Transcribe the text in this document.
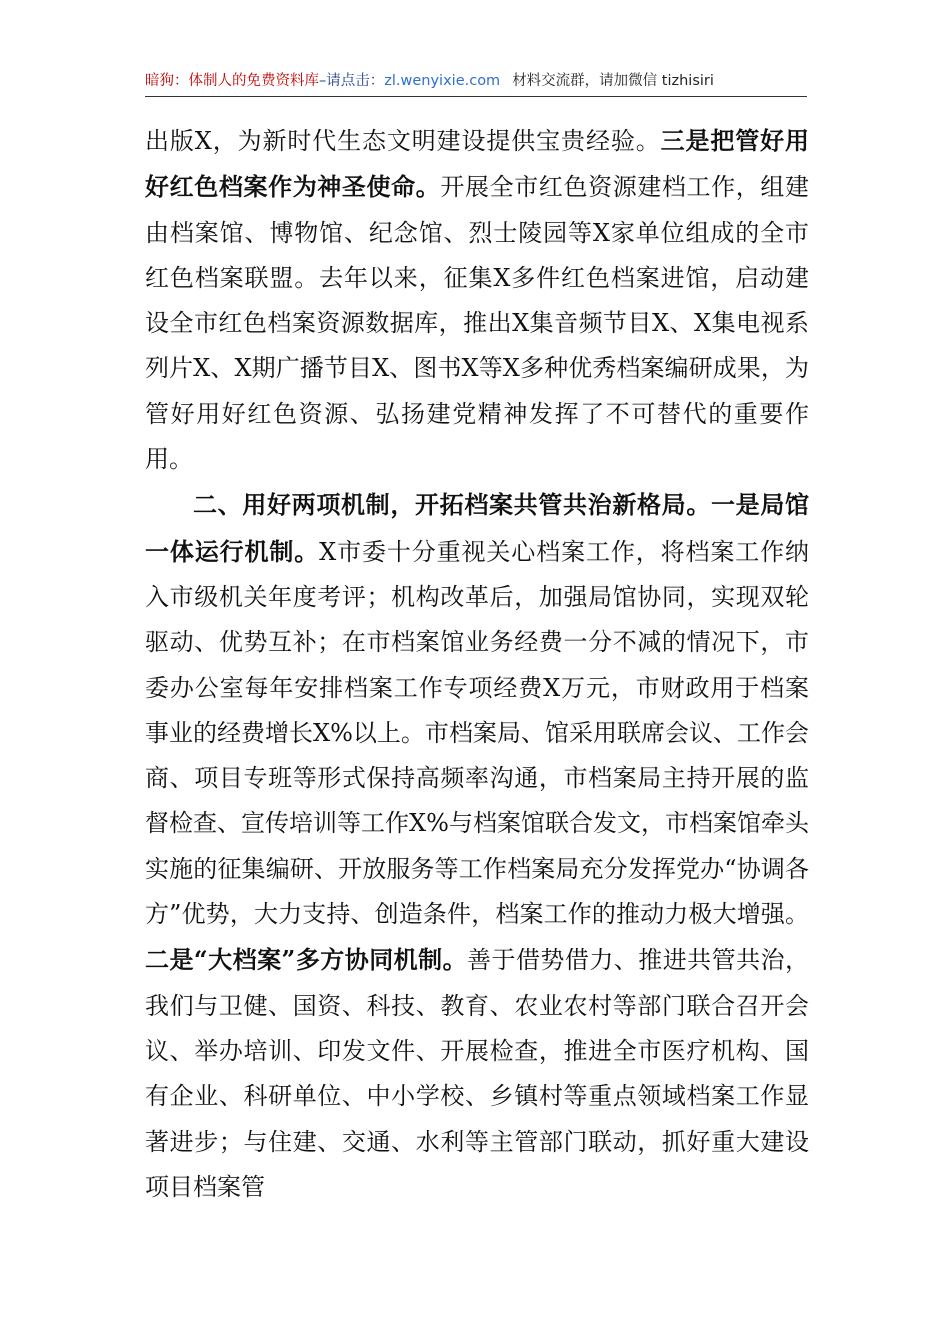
暗狗：体制人的免费资料库–请点击：zl.wenyixie.com 材料交流群，请加微信 tizhisiri

出版X，为新时代生态文明建设提供宝贵经验。三是把管好用好红色档案作为神圣使命。开展全市红色资源建档工作，组建由档案馆、博物馆、纪念馆、烈士陵园等X家单位组成的全市红色档案联盟。去年以来，征集X多件红色档案进馆，启动建设全市红色档案资源数据库，推出X集音频节目X、X集电视系列片X、X期广播节目X、图书X等X多种优秀档案编研成果，为管好用好红色资源、弘扬建党精神发挥了不可替代的重要作用。

二、用好两项机制，开拓档案共管共治新格局。一是局馆一体运行机制。X市委十分重视关心档案工作，将档案工作纳入市级机关年度考评；机构改革后，加强局馆协同，实现双轮驱动、优势互补；在市档案馆业务经费一分不减的情况下，市委办公室每年安排档案工作专项经费X万元，市财政用于档案事业的经费增长X%以上。市档案局、馆采用联席会议、工作会商、项目专班等形式保持高频率沟通，市档案局主持开展的监督检查、宣传培训等工作X%与档案馆联合发文，市档案馆牵头实施的征集编研、开放服务等工作档案局充分发挥党办“协调各方”优势，大力支持、创造条件，档案工作的推动力极大增强。二是“大档案”多方协同机制。善于借势借力、推进共管共治，我们与卫健、国资、科技、教育、农业农村等部门联合召开会议、举办培训、印发文件、开展检查，推进全市医疗机构、国有企业、科研单位、中小学校、乡镇村等重点领域档案工作显著进步；与住建、交通、水利等主管部门联动，抓好重大建设项目档案管
